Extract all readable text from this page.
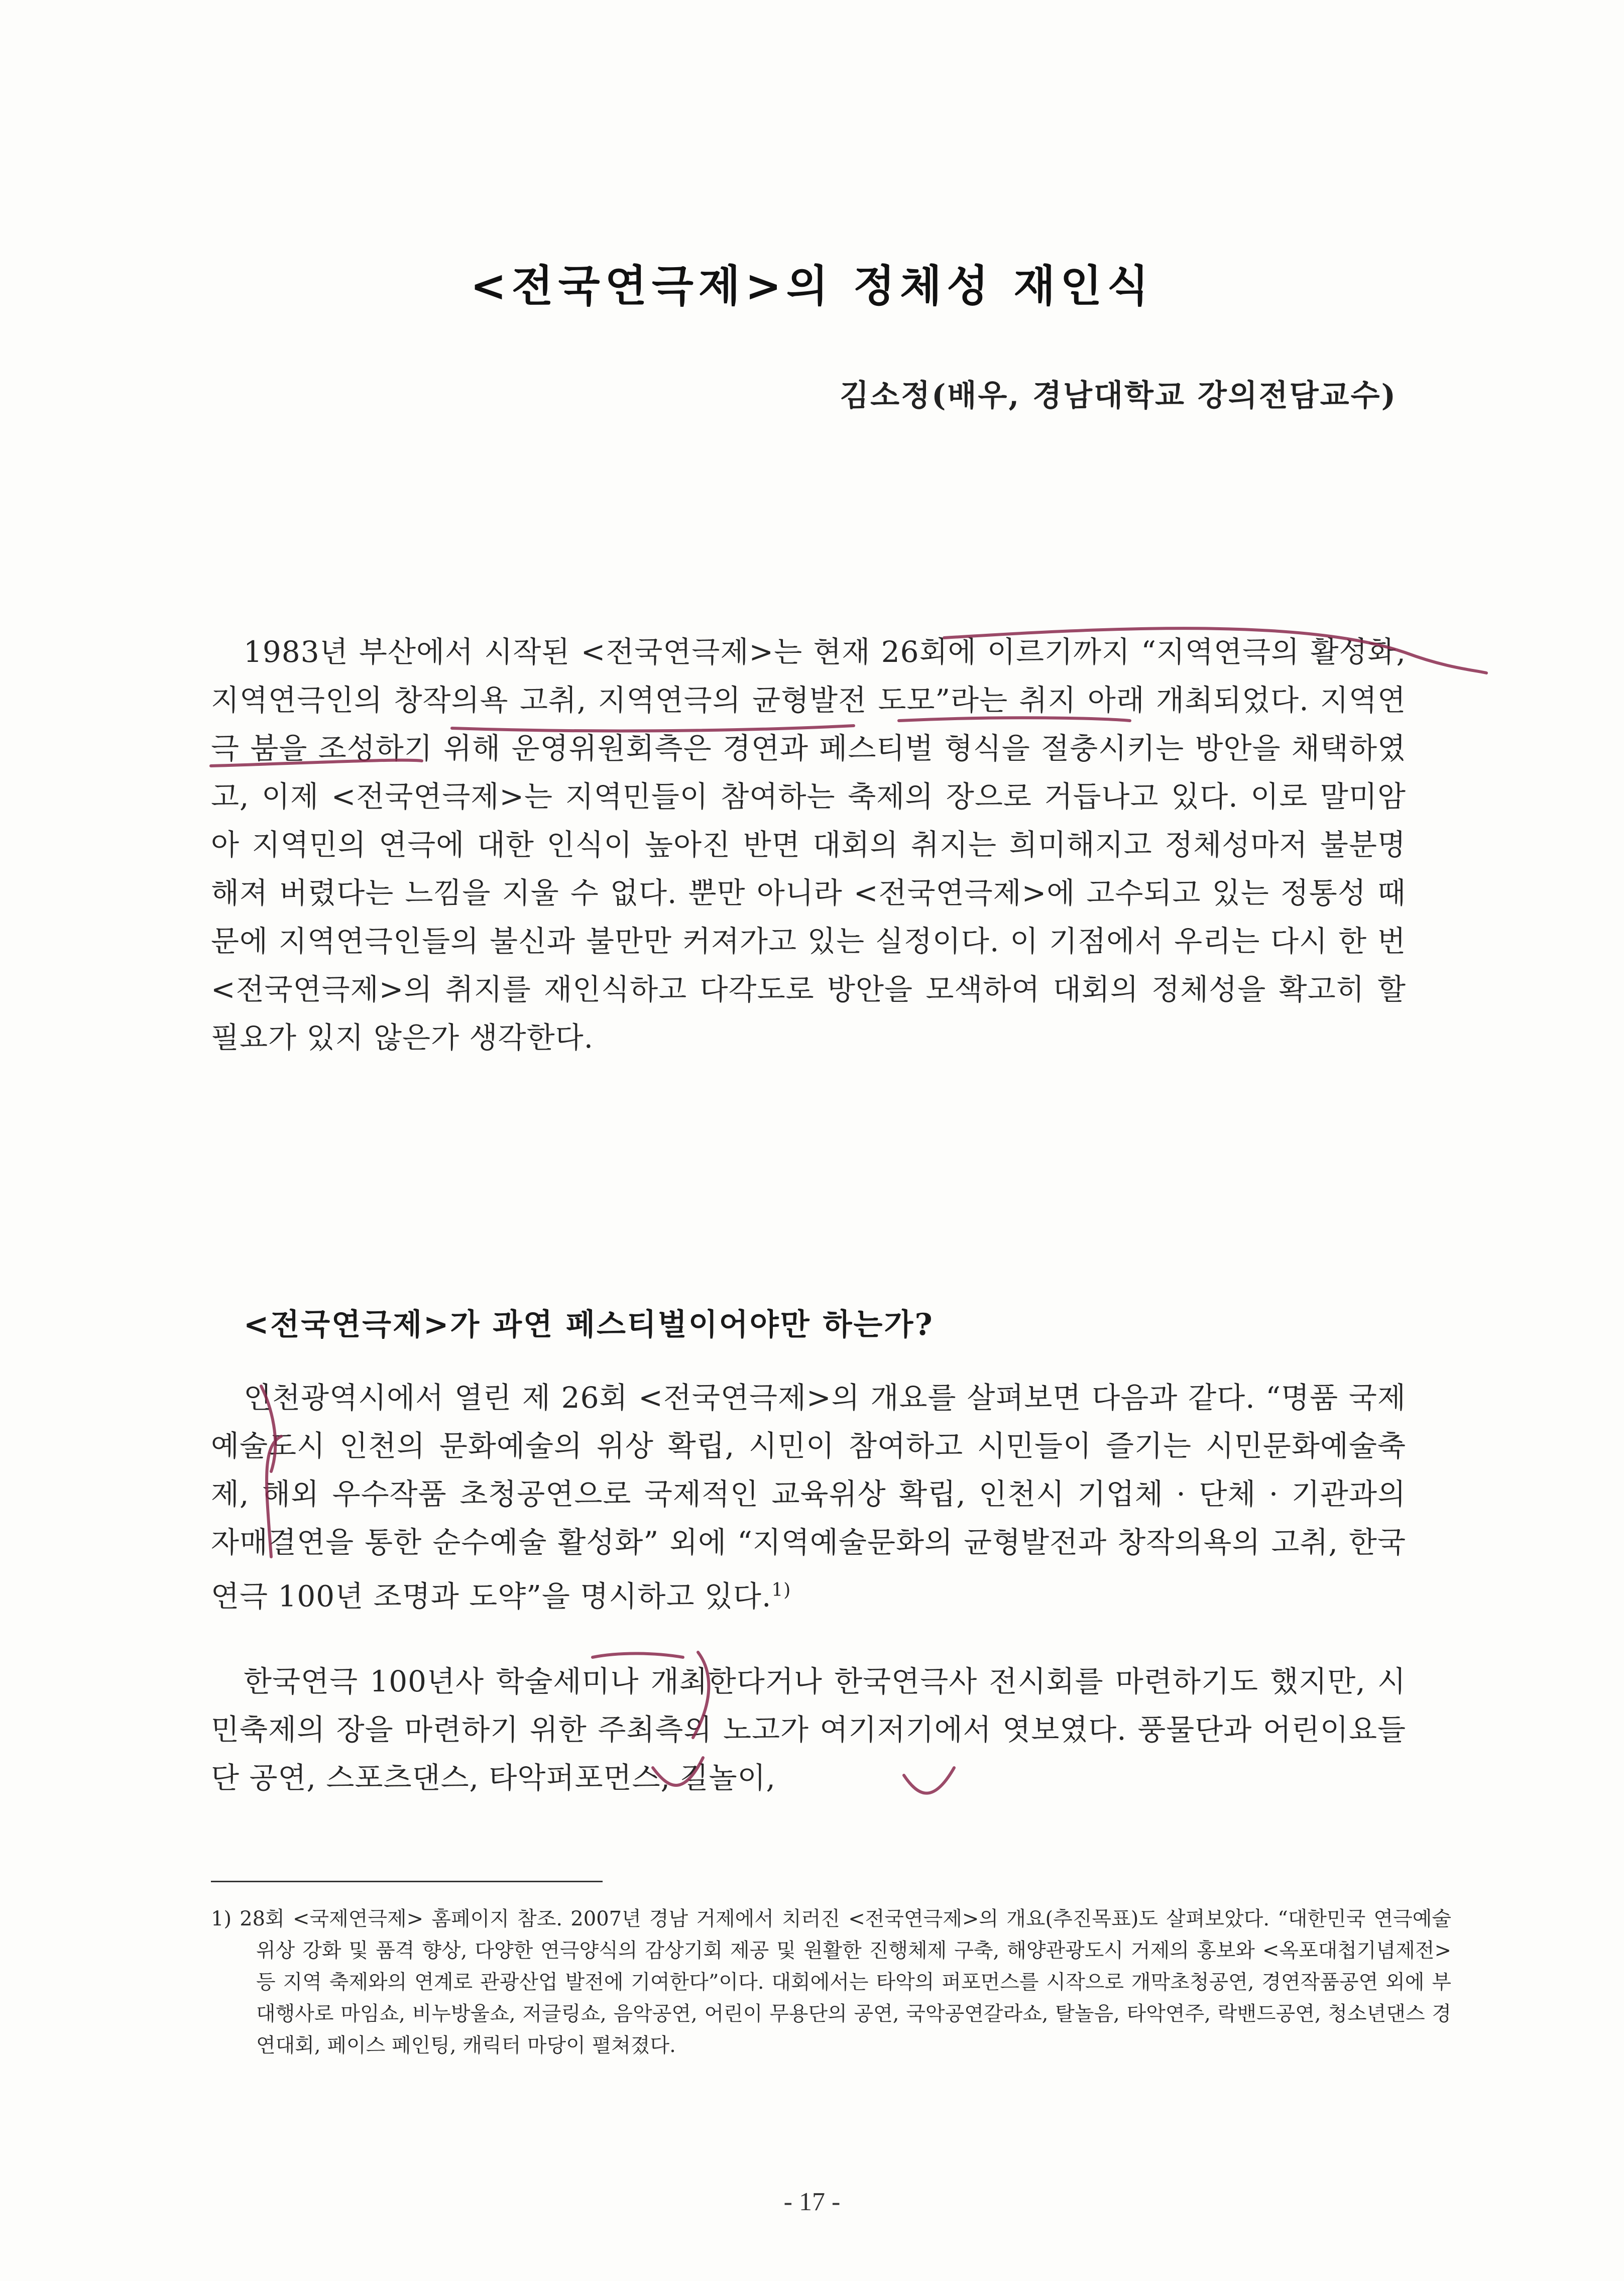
<전국연극제>의 정체성 재인식
김소정(배우, 경남대학교 강의전담교수)

1983년 부산에서 시작된 <전국연극제>는 현재 26회에 이르기까지 “지역연극의 활성화, 지역연극인의 창작의욕 고취, 지역연극의 균형발전 도모”라는 취지 아래 개최되었다. 지역연극 붐을 조성하기 위해 운영위원회측은 경연과 페스티벌 형식을 절충시키는 방안을 채택하였고, 이제 <전국연극제>는 지역민들이 참여하는 축제의 장으로 거듭나고 있다. 이로 말미암아 지역민의 연극에 대한 인식이 높아진 반면 대회의 취지는 희미해지고 정체성마저 불분명해져 버렸다는 느낌을 지울 수 없다. 뿐만 아니라 <전국연극제>에 고수되고 있는 정통성 때문에 지역연극인들의 불신과 불만만 커져가고 있는 실정이다. 이 기점에서 우리는 다시 한 번 <전국연극제>의 취지를 재인식하고 다각도로 방안을 모색하여 대회의 정체성을 확고히 할 필요가 있지 않은가 생각한다.

<전국연극제>가 과연 페스티벌이어야만 하는가?

인천광역시에서 열린 제 26회 <전국연극제>의 개요를 살펴보면 다음과 같다. “명품 국제예술도시 인천의 문화예술의 위상 확립, 시민이 참여하고 시민들이 즐기는 시민문화예술축제, 해외 우수작품 초청공연으로 국제적인 교육위상 확립, 인천시 기업체 · 단체 · 기관과의 자매결연을 통한 순수예술 활성화” 외에 “지역예술문화의 균형발전과 창작의욕의 고취, 한국연극 100년 조명과 도약”을 명시하고 있다.$^{1)}$

한국연극 100년사 학술세미나 개최한다거나 한국연극사 전시회를 마련하기도 했지만, 시민축제의 장을 마련하기 위한 주최측의 노고가 여기저기에서 엿보였다. 풍물단과 어린이요들단 공연, 스포츠댄스, 타악퍼포먼스, 길놀이,

1) 28회 <국제연극제> 홈페이지 참조. 2007년 경남 거제에서 치러진 <전국연극제>의 개요(추진목표)도 살펴보았다. “대한민국 연극예술 위상 강화 및 품격 향상, 다양한 연극양식의 감상기회 제공 및 원활한 진행체제 구축, 해양관광도시 거제의 홍보와 <옥포대첩기념제전> 등 지역 축제와의 연계로 관광산업 발전에 기여한다”이다. 대회에서는 타악의 퍼포먼스를 시작으로 개막초청공연, 경연작품공연 외에 부대행사로 마임쇼, 비누방울쇼, 저글링쇼, 음악공연, 어린이 무용단의 공연, 국악공연갈라쇼, 탈놀음, 타악연주, 락밴드공연, 청소년댄스 경연대회, 페이스 페인팅, 캐릭터 마당이 펼쳐졌다.

- 17 -
